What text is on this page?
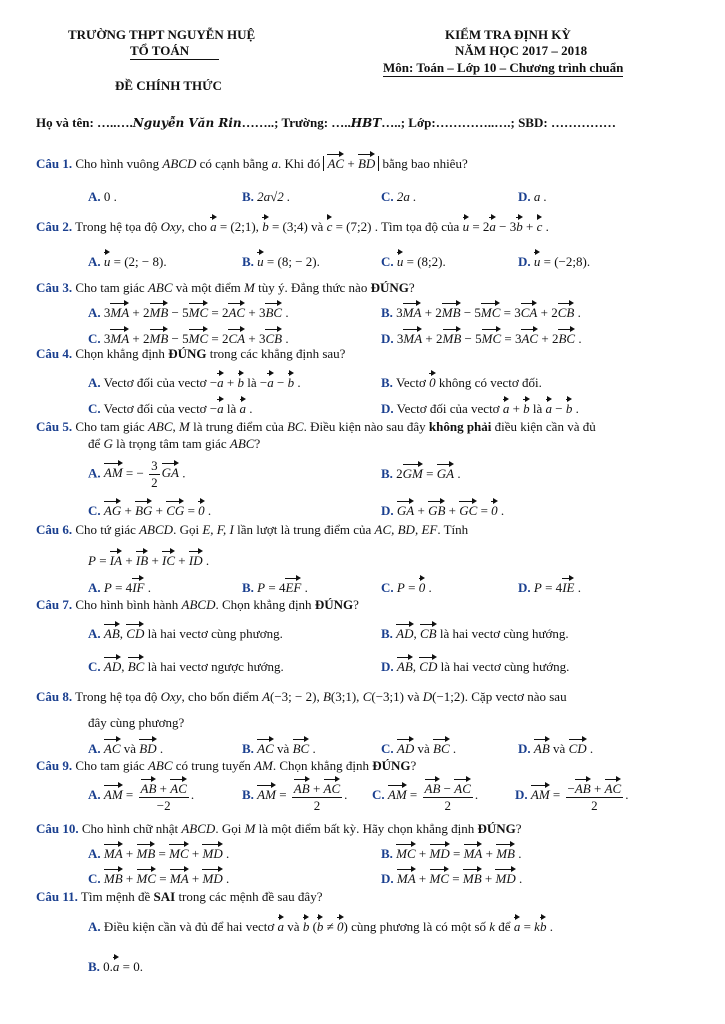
TRƯỜNG THPT NGUYỄN HUỆ
TỔ TOÁN
ĐỀ CHÍNH THỨC
KIỂM TRA ĐỊNH KỲ
NĂM HỌC 2017 – 2018
Môn: Toán – Lớp 10 – Chương trình chuẩn
Họ và tên: …..….Nguyễn Văn Rin……..; Trường: …..HBT…..; Lớp:…………..….; SBD: ……………
Câu 1. Cho hình vuông ABCD có cạnh bằng a. Khi đó AC + BD bằng bao nhiêu?
A. 0 .	B. 2a√2 .	C. 2a .	D. a .
Câu 2. Trong hệ tọa độ Oxy, cho a = (2;1), b = (3;4) và c = (7;2) . Tìm tọa độ của u = 2a − 3b + c .
A. u = (2; − 8).	B. u = (8; − 2).	C. u = (8;2).	D. u = (−2;8).
Câu 3. Cho tam giác ABC và một điểm M tùy ý. Đẳng thức nào ĐÚNG?
A. 3MA + 2MB − 5MC = 2AC + 3BC .	B. 3MA + 2MB − 5MC = 3CA + 2CB .
C. 3MA + 2MB − 5MC = 2CA + 3CB .	D. 3MA + 2MB − 5MC = 3AC + 2BC .
Câu 4. Chọn khẳng định ĐÚNG trong các khẳng định sau?
A. Vectơ đối của vectơ −a + b là −a − b .	B. Vectơ 0 không có vectơ đối.
C. Vectơ đối của vectơ −a là a .	D. Vectơ đối của vectơ a + b là a − b .
Câu 5. Cho tam giác ABC, M là trung điểm của BC. Điều kiện nào sau đây không phải điều kiện cần và đủ
để G là trọng tâm tam giác ABC?
A. AM = − $\frac{3}{2}$ GA .	B. 2GM = GA .
C. AG + BG + CG = 0 .	D. GA + GB + GC = 0 .
Câu 6. Cho tứ giác ABCD. Gọi E, F, I lần lượt là trung điểm của AC, BD, EF. Tính
P = IA + IB + IC + ID .
A. P = 4IF .	B. P = 4EF .	C. P = 0 .	D. P = 4IE .
Câu 7. Cho hình bình hành ABCD. Chọn khẳng định ĐÚNG?
A. AB, CD là hai vectơ cùng phương.	B. AD, CB là hai vectơ cùng hướng.
C. AD, BC là hai vectơ ngược hướng.	D. AB, CD là hai vectơ cùng hướng.
Câu 8. Trong hệ tọa độ Oxy, cho bốn điểm A(−3; − 2), B(3;1), C(−3;1) và D(−1;2). Cặp vectơ nào sau
đây cùng phương?
A. AC và BD .	B. AC và BC .	C. AD và BC .	D. AB và CD .
Câu 9. Cho tam giác ABC có trung tuyến AM. Chọn khẳng định ĐÚNG?
A. AM = $\frac{AB + AC}{-2}$ .	B. AM = $\frac{AB + AC}{2}$ . C. AM = $\frac{AB - AC}{2}$ .	D. AM = $\frac{-AB + AC}{2}$ .
Câu 10. Cho hình chữ nhật ABCD. Gọi M là một điểm bất kỳ. Hãy chọn khẳng định ĐÚNG?
A. MA + MB = MC + MD .	B. MC + MD = MA + MB .
C. MB + MC = MA + MD .	D. MA + MC = MB + MD .
Câu 11. Tìm mệnh đề SAI trong các mệnh đề sau đây?
A. Điều kiện cần và đủ để hai vectơ a và b (b ≠ 0) cùng phương là có một số k để a = kb .
B. 0.a = 0.
